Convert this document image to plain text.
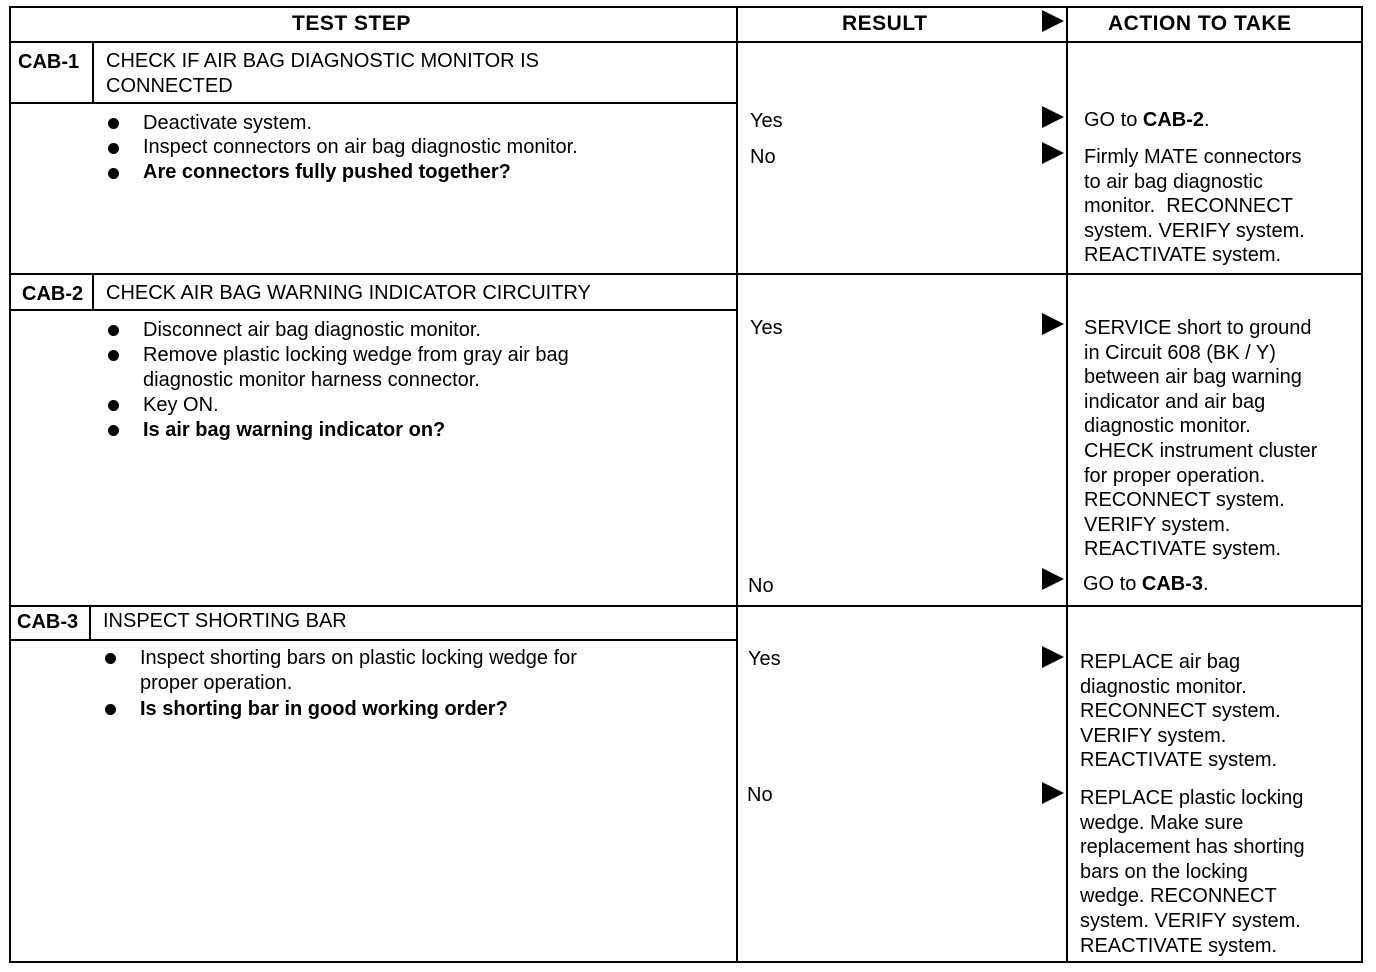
TEST STEP	RESULT	ACTION TO TAKE
CAB-1 CHECK IF AIR BAG DIAGNOSTIC MONITOR IS
CONNECTED
Deactivate system.
Inspect connectors on air bag diagnostic monitor.
Are connectors fully pushed together?
Yes	GO to CAB-2.
No	Firmly MATE connectors
to air bag diagnostic
monitor.  RECONNECT
system. VERIFY system.
REACTIVATE system.
CAB-2 CHECK AIR BAG WARNING INDICATOR CIRCUITRY
Disconnect air bag diagnostic monitor.
Remove plastic locking wedge from gray air bag
diagnostic monitor harness connector.
Key ON.
Is air bag warning indicator on?
Yes	SERVICE short to ground
in Circuit 608 (BK / Y)
between air bag warning
indicator and air bag
diagnostic monitor.
CHECK instrument cluster
for proper operation.
RECONNECT system.
VERIFY system.
REACTIVATE system.
No	GO to CAB-3.
CAB-3 INSPECT SHORTING BAR
Inspect shorting bars on plastic locking wedge for
proper operation.
Is shorting bar in good working order?
Yes	REPLACE air bag
diagnostic monitor.
RECONNECT system.
VERIFY system.
REACTIVATE system.
No	REPLACE plastic locking
wedge. Make sure
replacement has shorting
bars on the locking
wedge. RECONNECT
system. VERIFY system.
REACTIVATE system.
